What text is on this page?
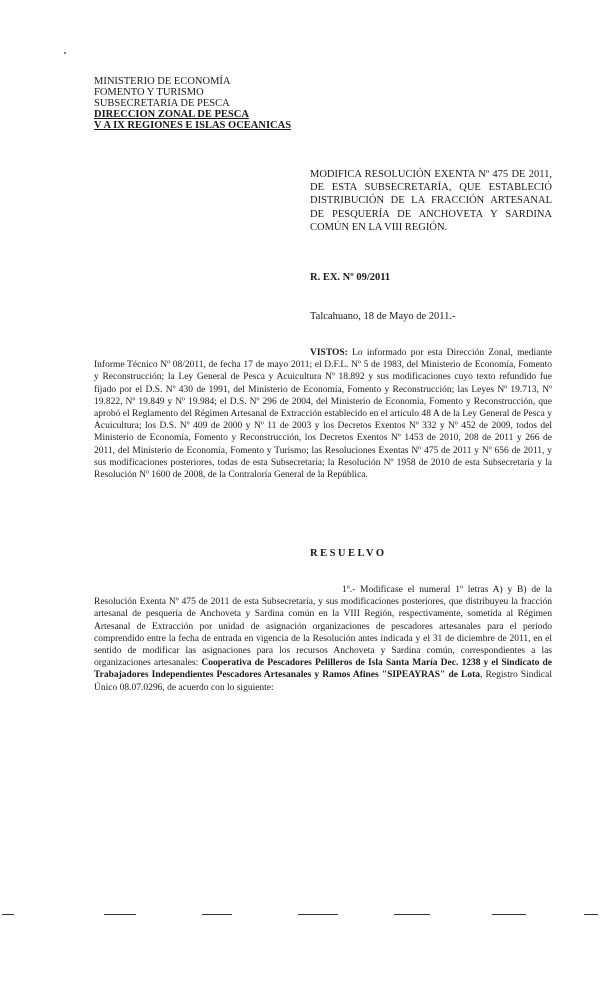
MINISTERIO DE ECONOMÍA
FOMENTO Y TURISMO
SUBSECRETARIA DE PESCA
DIRECCION ZONAL DE PESCA
V A IX REGIONES E ISLAS OCEANICAS
MODIFICA RESOLUCIÓN EXENTA Nº 475 DE 2011, DE ESTA SUBSECRETARÍA, QUE ESTABLECIÓ DISTRIBUCIÓN DE LA FRACCIÓN ARTESANAL DE PESQUERÍA DE ANCHOVETA Y SARDINA COMÚN EN LA VIII REGIÓN.
R. EX. Nº 09/2011
Talcahuano, 18 de Mayo de 2011.-
VISTOS: Lo informado por esta Dirección Zonal, mediante Informe Técnico Nº 08/2011, de fecha 17 de mayo 2011; el D.F.L. Nº 5 de 1983, del Ministerio de Economía, Fomento y Reconstrucción; la Ley General de Pesca y Acuicultura Nº 18.892 y sus modificaciones cuyo texto refundido fue fijado por el D.S. Nº 430 de 1991, del Ministerio de Economía, Fomento y Reconstrucción; las Leyes Nº 19.713, Nº 19.822, Nº 19.849 y Nº 19.984; el D.S. Nº 296 de 2004, del Ministerio de Economía, Fomento y Reconstrucción, que aprobó el Reglamento del Régimen Artesanal de Extracción establecido en el artículo 48 A de la Ley General de Pesca y Acuicultura; los D.S. Nº 409 de 2000 y Nº 11 de 2003 y los Decretos Exentos Nº 332 y Nº 452 de 2009, todos del Ministerio de Economía, Fomento y Reconstrucción, los Decretos Exentos Nº 1453 de 2010, 208 de 2011 y 266 de 2011, del Ministerio de Economía, Fomento y Turismo; las Resoluciones Exentas Nº 475 de 2011 y Nº 656 de 2011, y sus modificaciones posteriores, todas de esta Subsecretaría; la Resolución Nº 1958 de 2010 de esta Subsecretaría y la Resolución Nº 1600 de 2008, de la Contraloría General de la República.
RESUELVO
1º.- Modificase el numeral 1º letras A) y B) de la Resolución Exenta Nº 475 de 2011 de esta Subsecretaría, y sus modificaciones posteriores, que distribuyeu la fracción artesanal de pesquería de Anchoveta y Sardina común en la VIII Región, respectivamente, sometida al Régimen Artesanal de Extracción por unidad de asignación organizaciones de pescadores artesanales para el período comprendido entre la fecha de entrada en vigencia de la Resolución antes indicada y el 31 de diciembre de 2011, en el sentido de modificar las asignaciones para los recursos Anchoveta y Sardina común, correspondientes a las organizaciones artesanales: Cooperativa de Pescadores Pelilleros de Isla Santa María Dec. 1238 y el Sindicato de Trabajadores Independientes Pescadores Artesanales y Ramos Afines "SIPEAYRAS" de Lota, Registro Sindical Único 08.07.0296, de acuerdo con lo siguiente:
